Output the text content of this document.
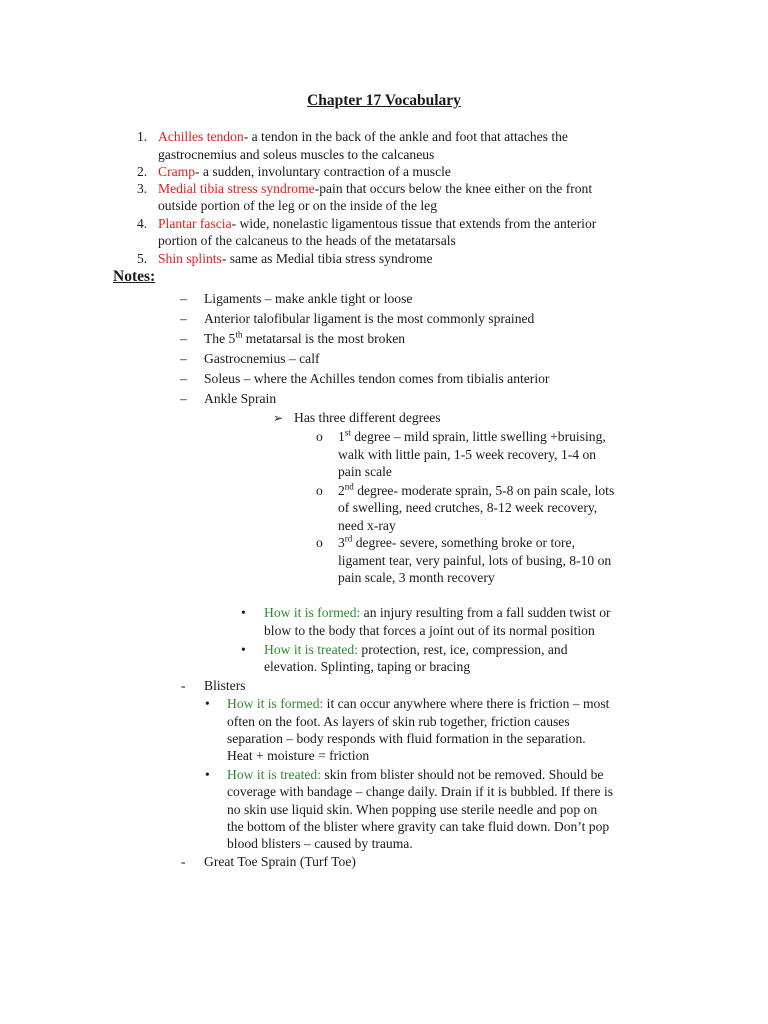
Chapter 17 Vocabulary
1. Achilles tendon- a tendon in the back of the ankle and foot that attaches the
gastrocnemius and soleus muscles to the calcaneus
2. Cramp- a sudden, involuntary contraction of a muscle
3. Medial tibia stress syndrome-pain that occurs below the knee either on the front
outside portion of the leg or on the inside of the leg
4. Plantar fascia- wide, nonelastic ligamentous tissue that extends from the anterior
portion of the calcaneus to the heads of the metatarsals
5. Shin splints- same as Medial tibia stress syndrome
Notes:
– Ligaments – make ankle tight or loose
– Anterior talofibular ligament is the most commonly sprained
– The 5th metatarsal is the most broken
– Gastrocnemius – calf
– Soleus – where the Achilles tendon comes from tibialis anterior
– Ankle Sprain
➢ Has three different degrees
o 1st degree – mild sprain, little swelling +bruising,
walk with little pain, 1-5 week recovery, 1-4 on
pain scale
o 2nd degree- moderate sprain, 5-8 on pain scale, lots
of swelling, need crutches, 8-12 week recovery,
need x-ray
o 3rd degree- severe, something broke or tore,
ligament tear, very painful, lots of busing, 8-10 on
pain scale, 3 month recovery
• How it is formed: an injury resulting from a fall sudden twist or
blow to the body that forces a joint out of its normal position
• How it is treated: protection, rest, ice, compression, and
elevation. Splinting, taping or bracing
- Blisters
• How it is formed: it can occur anywhere where there is friction – most
often on the foot. As layers of skin rub together, friction causes
separation – body responds with fluid formation in the separation.
Heat + moisture = friction
• How it is treated: skin from blister should not be removed. Should be
coverage with bandage – change daily. Drain if it is bubbled. If there is
no skin use liquid skin. When popping use sterile needle and pop on
the bottom of the blister where gravity can take fluid down. Don’t pop
blood blisters – caused by trauma.
- Great Toe Sprain (Turf Toe)
